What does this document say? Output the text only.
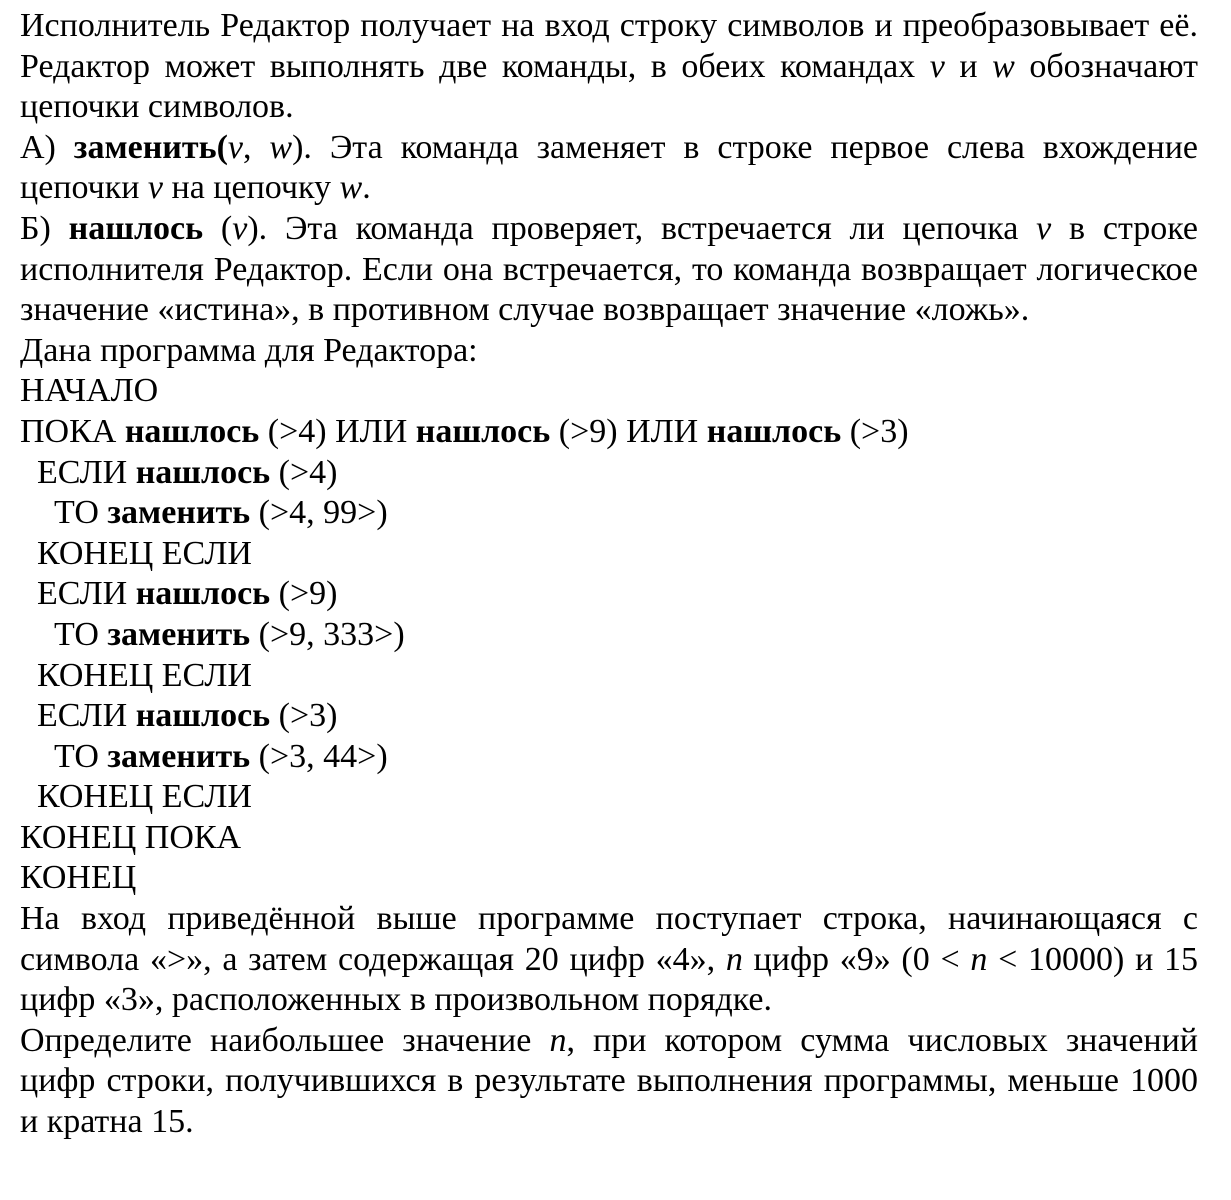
Исполнитель Редактор получает на вход строку символов и преобразовывает её. Редактор может выполнять две команды, в обеих командах v и w обозначают цепочки символов.

А) заменить(v, w). Эта команда заменяет в строке первое слева вхождение цепочки v на цепочку w.

Б) нашлось (v). Эта команда проверяет, встречается ли цепочка v в строке исполнителя Редактор. Если она встречается, то команда возвращает логическое значение «истина», в противном случае возвращает значение «ложь».

Дана программа для Редактора:

НАЧАЛО
ПОКА нашлось (>4) ИЛИ нашлось (>9) ИЛИ нашлось (>3)
ЕСЛИ нашлось (>4)
ТО заменить (>4, 99>)
КОНЕЦ ЕСЛИ
ЕСЛИ нашлось (>9)
ТО заменить (>9, 333>)
КОНЕЦ ЕСЛИ
ЕСЛИ нашлось (>3)
ТО заменить (>3, 44>)
КОНЕЦ ЕСЛИ
КОНЕЦ ПОКА
КОНЕЦ

На вход приведённой выше программе поступает строка, начинающаяся с символа «>», а затем содержащая 20 цифр «4», n цифр «9» (0 < n < 10000) и 15 цифр «3», расположенных в произвольном порядке.

Определите наибольшее значение n, при котором сумма числовых значений цифр строки, получившихся в результате выполнения программы, меньше 1000 и кратна 15.
